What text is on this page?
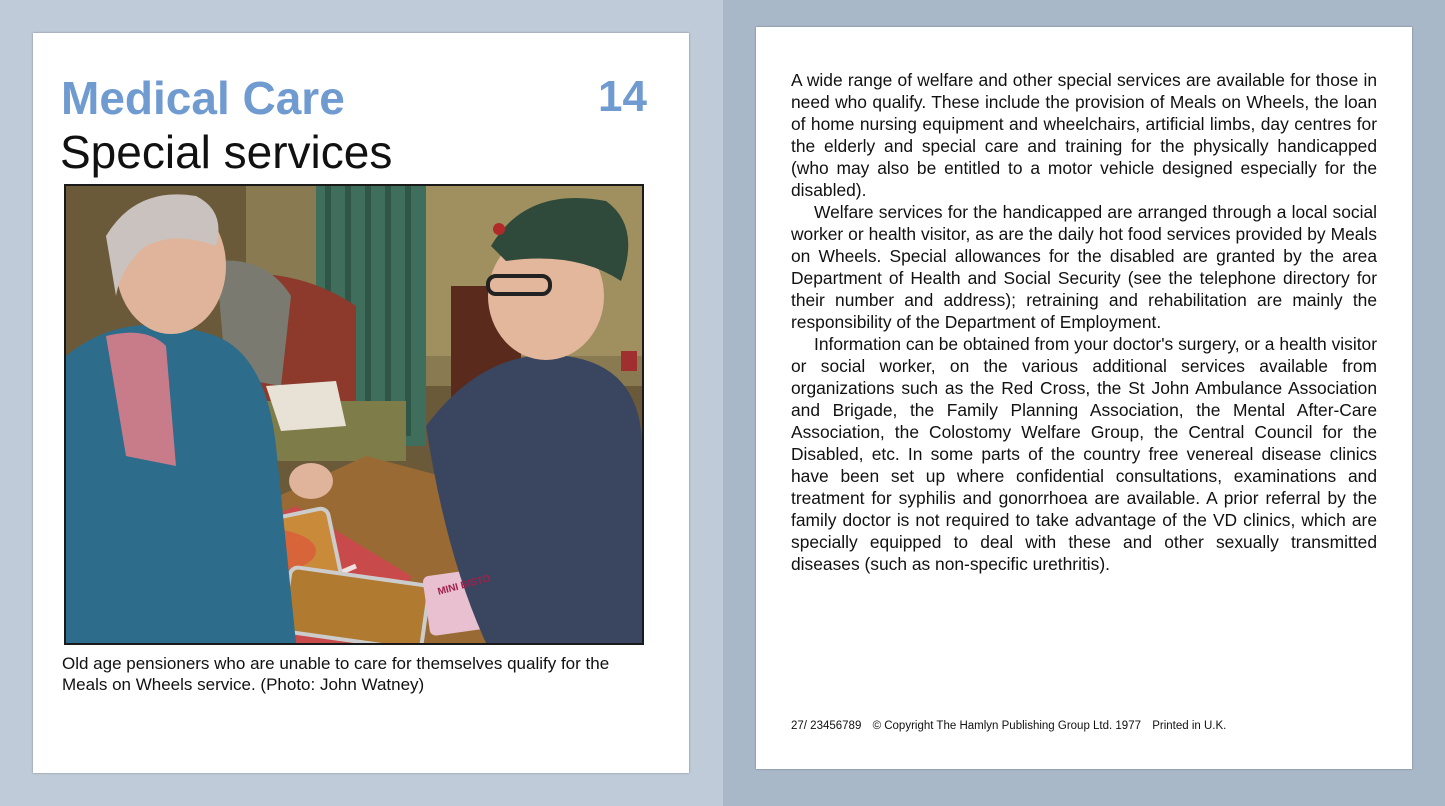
Medical Care	14
Special services
MINI BISTO
Old age pensioners who are unable to care for themselves qualify for the Meals on Wheels service. (Photo: John Watney)

A wide range of welfare and other special services are available for those in need who qualify. These include the provision of Meals on Wheels, the loan of home nursing equipment and wheelchairs, artificial limbs, day centres for the elderly and special care and training for the physically handicapped (who may also be entitled to a motor vehicle designed especially for the disabled).

Welfare services for the handicapped are arranged through a local social worker or health visitor, as are the daily hot food services provided by Meals on Wheels. Special allowances for the disabled are granted by the area Department of Health and Social Security (see the telephone directory for their number and address); retraining and rehabilitation are mainly the responsibility of the Department of Employment.

Information can be obtained from your doctor's surgery, or a health visitor or social worker, on the various additional services available from organizations such as the Red Cross, the St John Ambulance Association and Brigade, the Family Planning Association, the Mental After-Care Association, the Colostomy Welfare Group, the Central Council for the Disabled, etc. In some parts of the country free venereal disease clinics have been set up where confidential consultations, examinations and treatment for syphilis and gonorrhoea are available. A prior referral by the family doctor is not required to take advantage of the VD clinics, which are specially equipped to deal with these and other sexually transmitted diseases (such as non-specific urethritis).

27/ 23456789 © Copyright The Hamlyn Publishing Group Ltd. 1977 Printed in U.K.
